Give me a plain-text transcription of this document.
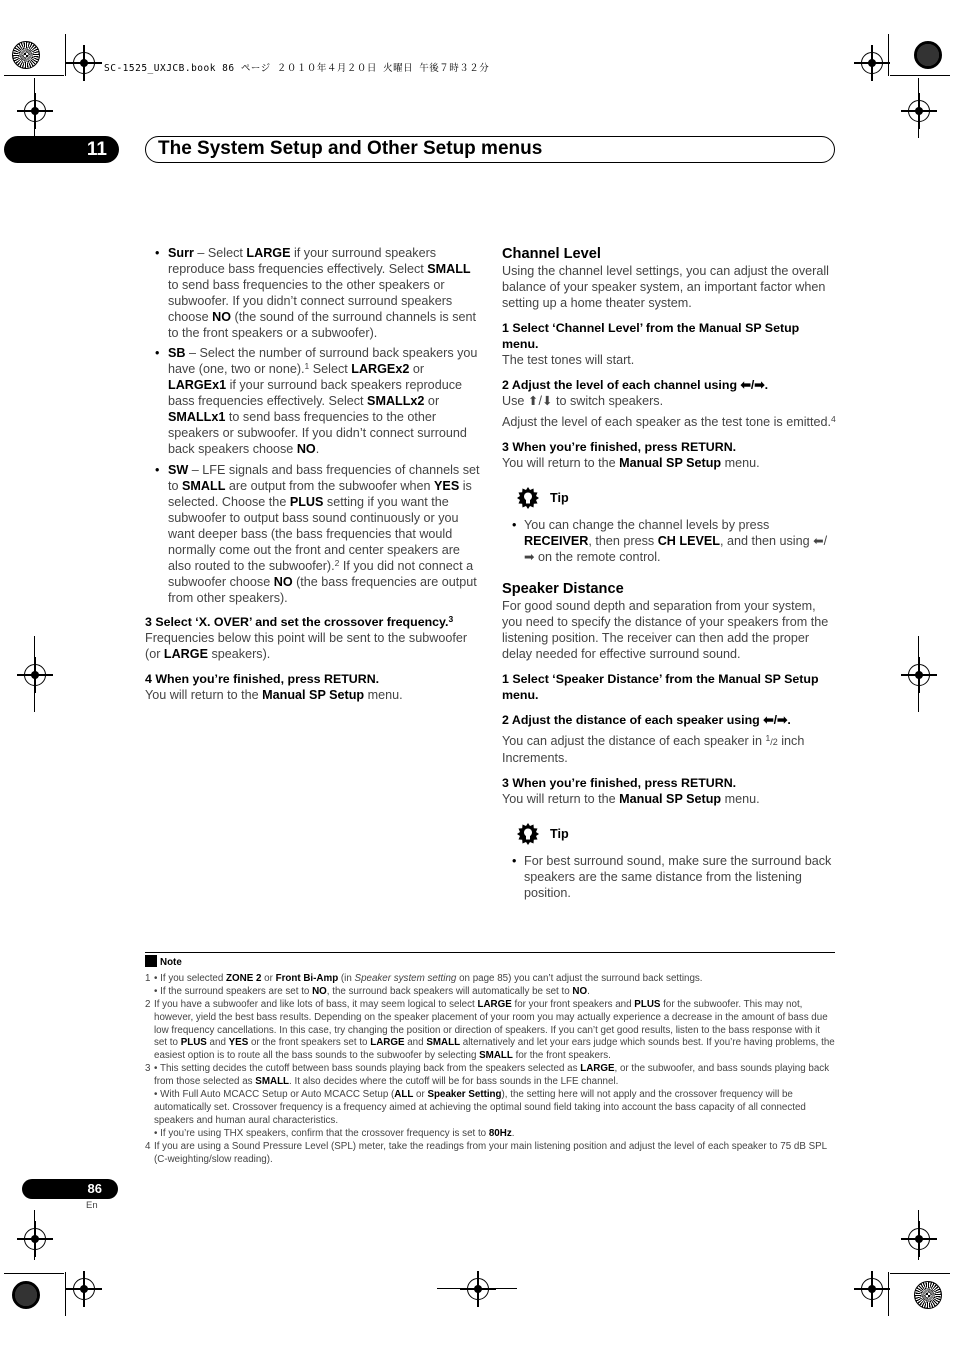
SC-1525_UXJCB.book 86 ページ ２０１０年４月２０日 火曜日 午後７時３２分
11	The System Setup and Other Setup menus

• Surr – Select LARGE if your surround speakers reproduce bass frequencies effectively. Select SMALL to send bass frequencies to the other speakers or subwoofer. If you didn’t connect surround speakers choose NO (the sound of the surround channels is sent to the front speakers or a subwoofer).

• SB – Select the number of surround back speakers you have (one, two or none).$^1$ Select LARGEx2 or LARGEx1 if your surround back speakers reproduce bass frequencies effectively. Select SMALLx2 or SMALLx1 to send bass frequencies to the other speakers or subwoofer. If you didn’t connect surround back speakers choose NO.

• SW – LFE signals and bass frequencies of channels set to SMALL are output from the subwoofer when YES is selected. Choose the PLUS setting if you want the subwoofer to output bass sound continuously or you want deeper bass (the bass frequencies that would normally come out the front and center speakers are also routed to the subwoofer).$^2$ If you did not connect a subwoofer choose NO (the bass frequencies are output from other speakers).

3 Select ‘X. OVER’ and set the crossover frequency.$^3$

Frequencies below this point will be sent to the subwoofer (or LARGE speakers).

4 When you’re finished, press RETURN.

You will return to the Manual SP Setup menu.

Channel Level

Using the channel level settings, you can adjust the overall balance of your speaker system, an important factor when setting up a home theater system.

1 Select ‘Channel Level’ from the Manual SP Setup menu.

The test tones will start.

2 Adjust the level of each channel using ⬅/➡.

Use ⬆/⬇ to switch speakers.

Adjust the level of each speaker as the test tone is emitted.$^4$

3 When you’re finished, press RETURN.

You will return to the Manual SP Setup menu.

Tip

• You can change the channel levels by press RECEIVER, then press CH LEVEL, and then using ⬅/➡ on the remote control.

Speaker Distance

For good sound depth and separation from your system, you need to specify the distance of your speakers from the listening position. The receiver can then add the proper delay needed for effective surround sound.

1 Select ‘Speaker Distance’ from the Manual SP Setup menu.

2 Adjust the distance of each speaker using ⬅/➡.

You can adjust the distance of each speaker in $^1$/2 inch Increments.

3 When you’re finished, press RETURN.

You will return to the Manual SP Setup menu.

Tip

• For best surround sound, make sure the surround back speakers are the same distance from the listening position.

Note
1 • If you selected ZONE 2 or Front Bi-Amp (in Speaker system setting on page 85) you can’t adjust the surround back settings.
• If the surround speakers are set to NO, the surround back speakers will automatically be set to NO.
2 If you have a subwoofer and like lots of bass, it may seem logical to select LARGE for your front speakers and PLUS for the subwoofer. This may not, however, yield the best bass results. Depending on the speaker placement of your room you may actually experience a decrease in the amount of bass due low frequency cancellations. In this case, try changing the position or direction of speakers. If you can’t get good results, listen to the bass response with it set to PLUS and YES or the front speakers set to LARGE and SMALL alternatively and let your ears judge which sounds best. If you’re having problems, the easiest option is to route all the bass sounds to the subwoofer by selecting SMALL for the front speakers.
3 • This setting decides the cutoff between bass sounds playing back from the speakers selected as LARGE, or the subwoofer, and bass sounds playing back from those selected as SMALL. It also decides where the cutoff will be for bass sounds in the LFE channel.
• With Full Auto MCACC Setup or Auto MCACC Setup (ALL or Speaker Setting), the setting here will not apply and the crossover frequency will be automatically set. Crossover frequency is a frequency aimed at achieving the optimal sound field taking into account the bass capacity of all connected speakers and human aural characteristics.
• If you’re using THX speakers, confirm that the crossover frequency is set to 80Hz.
4 If you are using a Sound Pressure Level (SPL) meter, take the readings from your main listening position and adjust the level of each speaker to 75 dB SPL (C-weighting/slow reading).
86
En
